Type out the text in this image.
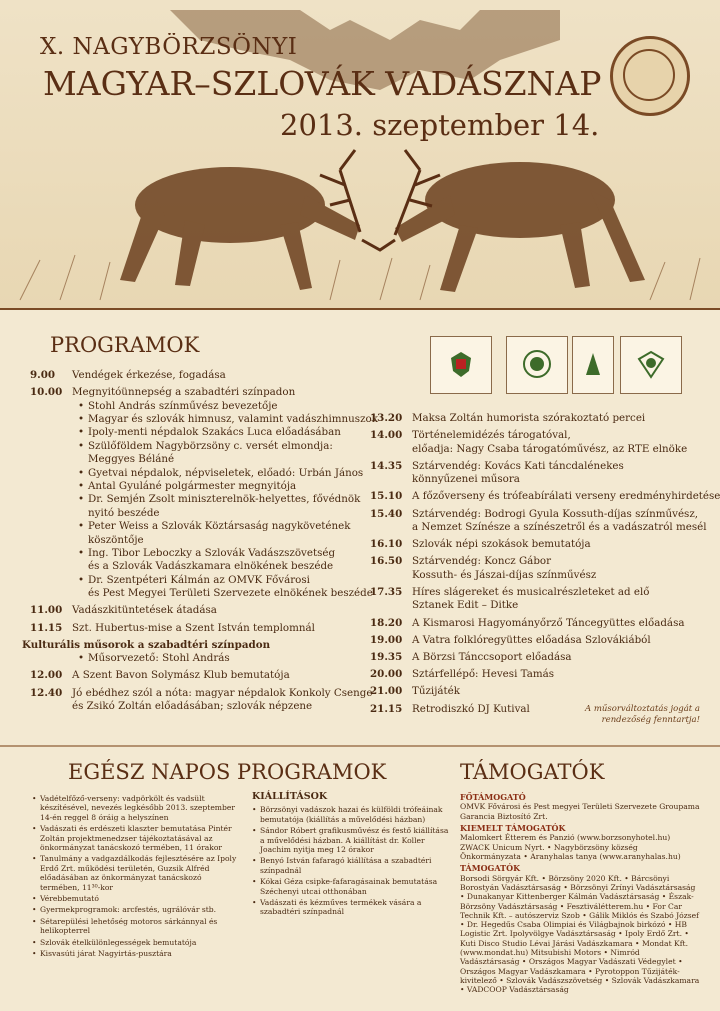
X. NAGYBÖRZSÖNYI
MAGYAR–SZLOVÁK VADÁSZNAP
2013. szeptember 14.
PROGRAMOK
9.00 Vendégek érkezése, fogadása
10.00 Megnyitóünnepség a szabadtéri színpadon
• Stohl András színművész bevezetője
• Magyar és szlovák himnusz, valamint vadászhimnuszok
• Ipoly-menti népdalok Szakács Luca előadásában
• Szülőföldem Nagybörzsöny c. versét elmondja:
Meggyes Béláné
• Gyetvai népdalok, népviseletek, előadó: Urbán János
• Antal Gyuláné polgármester megnyitója
• Dr. Semjén Zsolt miniszterelnök-helyettes, fővédnök
nyitó beszéde
• Peter Weiss a Szlovák Köztársaság nagykövetének
köszöntője
• Ing. Tibor Leboczky a Szlovák Vadászszövetség
és a Szlovák Vadászkamara elnökének beszéde
• Dr. Szentpéteri Kálmán az OMVK Fővárosi
és Pest Megyei Területi Szervezete elnökének beszéde
11.00 Vadászkitüntetések átadása
11.15 Szt. Hubertus-mise a Szent István templomnál
Kulturális műsorok a szabadtéri színpadon
• Műsorvezető: Stohl András
12.00 A Szent Bavon Solymász Klub bemutatója
12.40 Jó ebédhez szól a nóta: magyar népdalok Konkoly Csenge
és Zsikó Zoltán előadásában; szlovák népzene
13.20 Maksa Zoltán humorista szórakoztató percei
14.00 Történelemidézés tárogatóval,
előadja: Nagy Csaba tárogatóművész, az RTE elnöke
14.35 Sztárvendég: Kovács Kati táncdalénekes
könnyűzenei műsora
15.10 A főzőverseny és trófeabírálati verseny eredményhirdetése
15.40 Sztárvendég: Bodrogi Gyula Kossuth-díjas színművész,
a Nemzet Színésze a színészetről és a vadászatról mesél
16.10 Szlovák népi szokások bemutatója
16.50 Sztárvendég: Koncz Gábor
Kossuth- és Jászai-díjas színművész
17.35 Híres slágereket és musicalrészleteket ad elő
Sztanek Edit – Ditke
18.20 A Kismarosi Hagyományőrző Táncegyüttes előadása
19.00 A Vatra folklóregyüttes előadása Szlovákiából
19.35 A Börzsi Tánccsoport előadása
20.00 Sztárfellépő: Hevesi Tamás
21.00 Tűzijáték
21.15 Retrodiszkó DJ Kutival	A műsorváltoztatás jogát a rendezőség fenntartja!
EGÉSZ NAPOS PROGRAMOK	TÁMOGATÓK
• Vadételfőző-verseny: vadpörkölt és vadsült készítésével, nevezés legkésőbb 2013. szeptember 14-én reggel 8 óráig a helyszínen
• Vadászati és erdészeti klaszter bemutatása Pintér Zoltán projektmenedzser tájékoztatásával az önkormányzat tanácskozó termében, 11 órakor
• Tanulmány a vadgazdálkodás fejlesztésére az Ipoly Erdő Zrt. működési területén, Guzsik Alfréd előadásában az önkormányzat tanácskozó termében, 11³⁰-kor
• Vérebbemutató
• Gyermekprogramok: arcfestés, ugrálóvár stb.
• Sétarepülési lehetőség motoros sárkánnyal és helikopterrel
• Szlovák ételkülönlegességek bemutatója
• Kisvasúti járat Nagyirtás-pusztára
KIÁLLÍTÁSOK
• Börzsönyi vadászok hazai és külföldi trófeáinak bemutatója (kiállítás a művelődési házban)
• Sándor Róbert grafikusművész és festő kiállítása a művelődési házban. A kiállítást dr. Koller Joachim nyitja meg 12 órakor
• Benyó István fafaragó kiállítása a szabadtéri színpadnál
• Kókai Géza csipke-fafaragásainak bemutatása Széchenyi utcai otthonában
• Vadászati és kézműves termékek vására a szabadtéri színpadnál
FŐTÁMOGATÓ
OMVK Fővárosi és Pest megyei Területi Szervezete Groupama Garancia Biztosító Zrt.
KIEMELT TÁMOGATÓK
Malomkert Étterem és Panzió (www.borzsonyhotel.hu) ZWACK Unicum Nyrt. • Nagybörzsöny község Önkormányzata • Aranyhalas tanya (www.aranyhalas.hu)
TÁMOGATÓK
Borsodi Sörgyár Kft. • Börzsöny 2020 Kft. • Bárcsönyi Borostyán Vadásztársaság • Börzsönyi Zrínyi Vadásztársaság • Dunakanyar Kittenberger Kálmán Vadásztársaság • Észak-Börzsöny Vadásztársaság • Fesztiválétterem.hu • For Car Technik Kft. – autószerviz Szob • Gálik Miklós és Szabó József • Dr. Hegedűs Csaba Olimpiai és Világbajnok birkózó • HB Logistic Zrt. Ipolyvölgye Vadásztársaság • Ipoly Erdő Zrt. • Kuti Disco Studio Lévai Járási Vadászkamara • Mondat Kft. (www.mondat.hu) Mitsubishi Motors • Nimród Vadásztársaság • Országos Magyar Vadászati Védegylet • Országos Magyar Vadászkamara • Pyrotoppon Tűzijáték-kivitelező • Szlovák Vadászszövetség • Szlovák Vadászkamara • VADCOOP Vadásztársaság
